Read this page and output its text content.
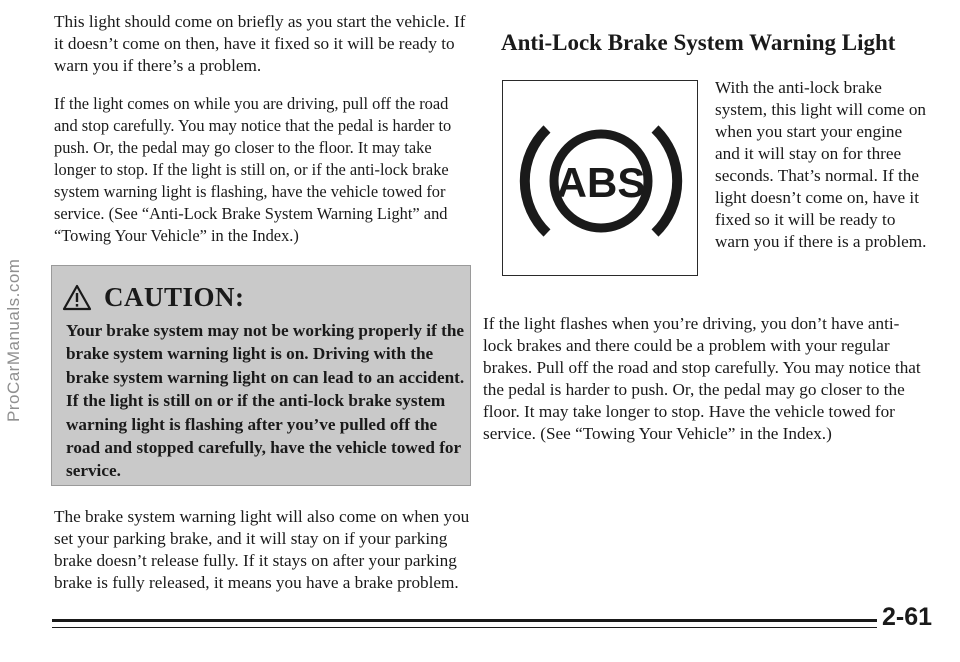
ProCarManuals.com

This light should come on briefly as you start the vehicle. If it doesn’t come on then, have it fixed so it will be ready to warn you if there’s a problem.

If the light comes on while you are driving, pull off the road and stop carefully. You may notice that the pedal is harder to push. Or, the pedal may go closer to the floor. It may take longer to stop. If the light is still on, or if the anti-lock brake system warning light is flashing, have the vehicle towed for service. (See “Anti-Lock Brake System Warning Light” and “Towing Your Vehicle” in the Index.)

CAUTION:

Your brake system may not be working properly if the brake system warning light is on. Driving with the brake system warning light on can lead to an accident. If the light is still on or if the anti-lock brake system warning light is flashing after you’ve pulled off the road and stopped carefully, have the vehicle towed for service.

The brake system warning light will also come on when you set your parking brake, and it will stay on if your parking brake doesn’t release fully. If it stays on after your parking brake is fully released, it means you have a brake problem.

Anti-Lock Brake System Warning Light
ABS

With the anti-lock brake system, this light will come on when you start your engine and it will stay on for three seconds. That’s normal. If the light doesn’t come on, have it fixed so it will be ready to warn you if there is a problem.

If the light flashes when you’re driving, you don’t have anti-lock brakes and there could be a problem with your regular brakes. Pull off the road and stop carefully. You may notice that the pedal is harder to push. Or, the pedal may go closer to the floor. It may take longer to stop. Have the vehicle towed for service. (See “Towing Your Vehicle” in the Index.)

2-61
